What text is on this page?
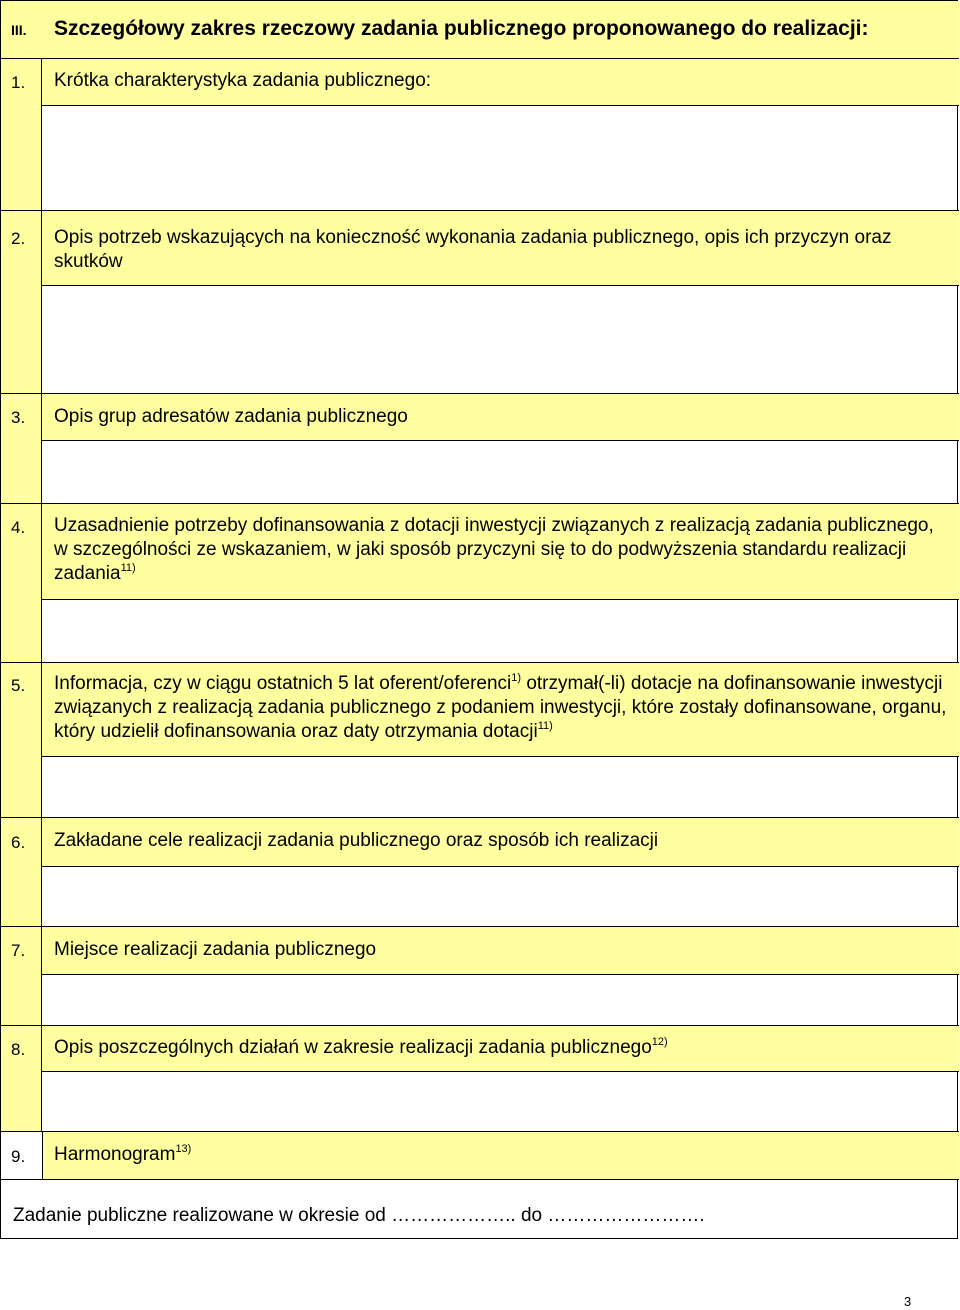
III. Szczegółowy zakres rzeczowy zadania publicznego proponowanego do realizacji:
1. Krótka charakterystyka zadania publicznego:
2. Opis potrzeb wskazujących na konieczność wykonania zadania publicznego, opis ich przyczyn oraz skutków
3. Opis grup adresatów zadania publicznego
4. Uzasadnienie potrzeby dofinansowania z dotacji inwestycji związanych z realizacją zadania publicznego, w szczególności ze wskazaniem, w jaki sposób przyczyni się to do podwyższenia standardu realizacji zadania$^{11)}$
5. Informacja, czy w ciągu ostatnich 5 lat oferent/oferenci$^{1)}$ otrzymał(-li) dotacje na dofinansowanie inwestycji związanych z realizacją zadania publicznego z podaniem inwestycji, które zostały dofinansowane, organu, który udzielił dofinansowania oraz daty otrzymania dotacji$^{11)}$
6. Zakładane cele realizacji zadania publicznego oraz sposób ich realizacji
7. Miejsce realizacji zadania publicznego
8. Opis poszczególnych działań w zakresie realizacji zadania publicznego$^{12)}$
9. Harmonogram$^{13)}$
Zadanie publiczne realizowane w okresie od ……………….. do …………………….
3
